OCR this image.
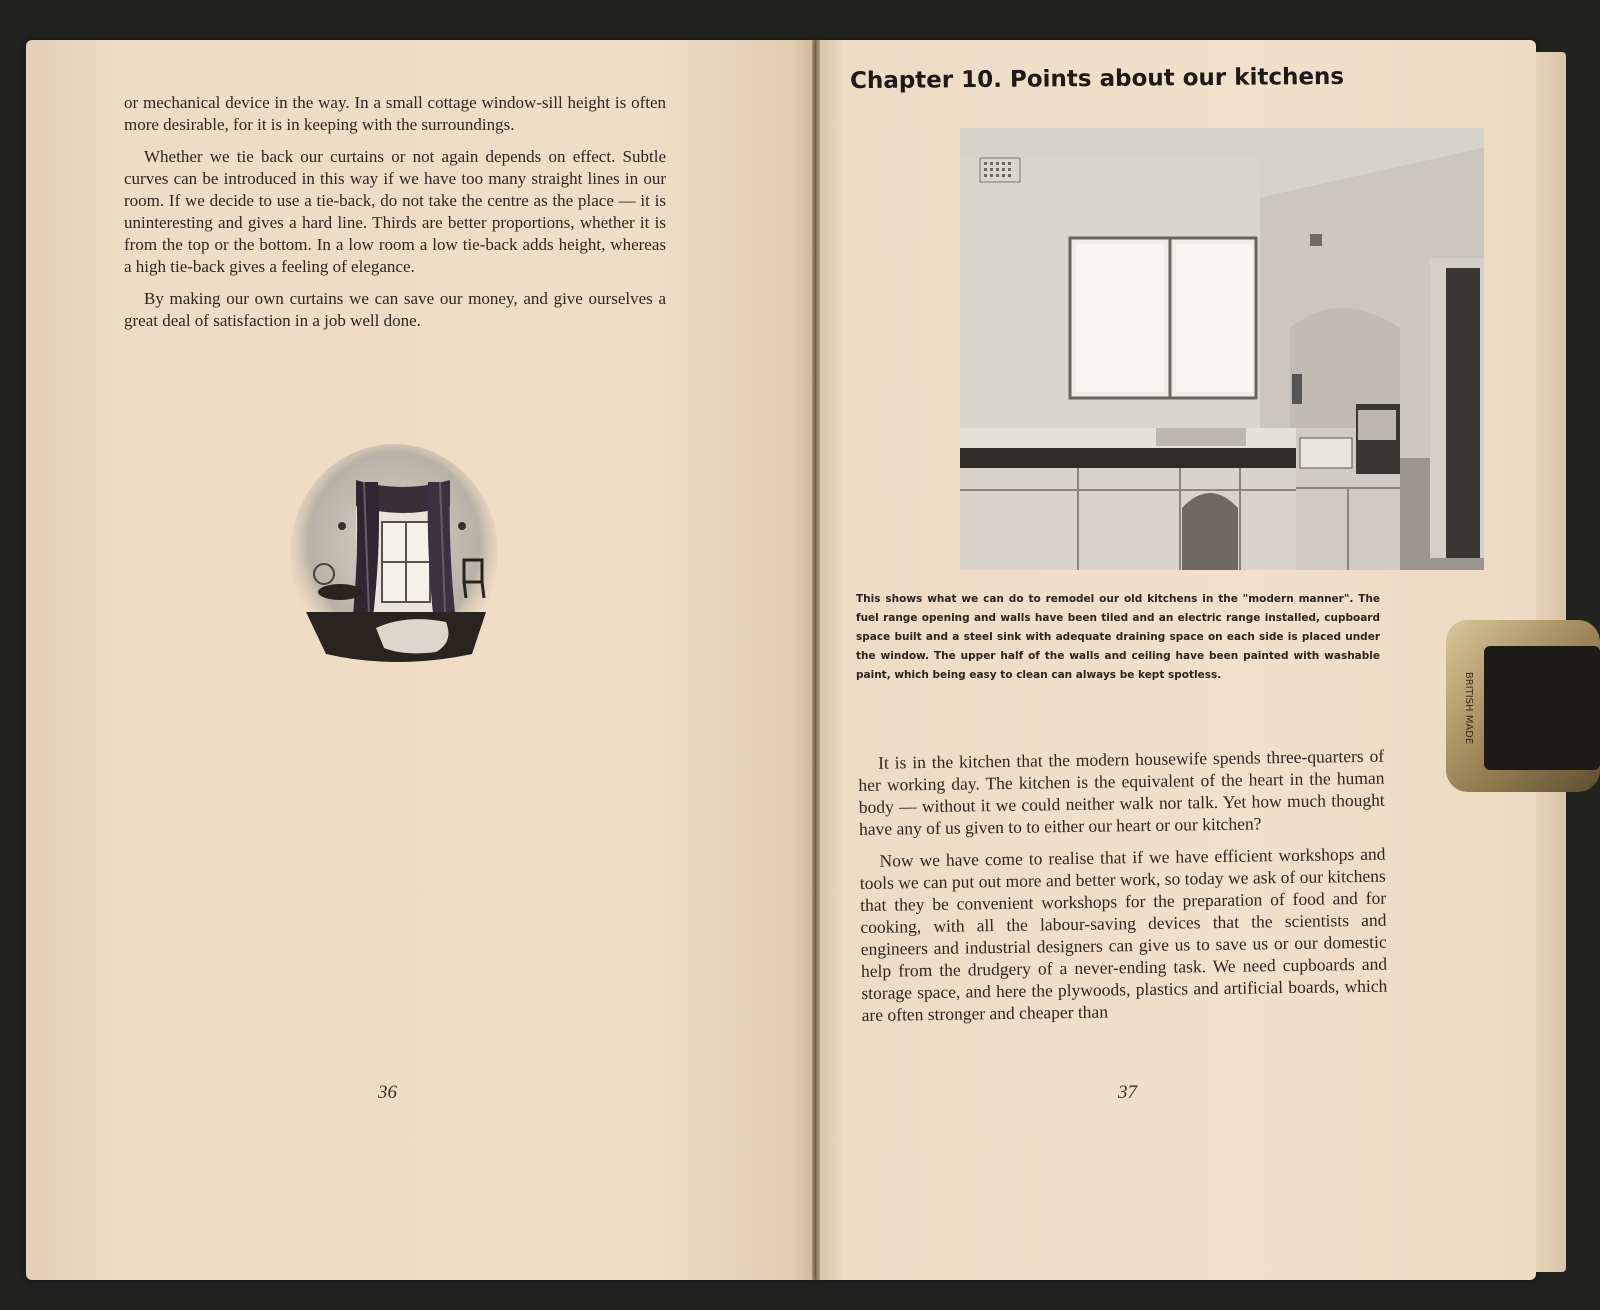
or mechanical device in the way. In a small cottage window-sill height is often more desirable, for it is in keeping with the surroundings.

Whether we tie back our curtains or not again depends on effect. Subtle curves can be introduced in this way if we have too many straight lines in our room. If we decide to use a tie-back, do not take the centre as the place — it is uninteresting and gives a hard line. Thirds are better proportions, whether it is from the top or the bottom. In a low room a low tie-back adds height, whereas a high tie-back gives a feeling of elegance.

By making our own curtains we can save our money, and give ourselves a great deal of satisfaction in a job well done.

36
Chapter 10. Points about our kitchens

This shows what we can do to remodel our old kitchens in the "modern manner". The fuel range opening and walls have been tiled and an electric range installed, cupboard space built and a steel sink with adequate draining space on each side is placed under the window. The upper half of the walls and ceiling have been painted with washable paint, which being easy to clean can always be kept spotless.

It is in the kitchen that the modern housewife spends three-quarters of her working day. The kitchen is the equivalent of the heart in the human body — without it we could neither walk nor talk. Yet how much thought have any of us given to to either our heart or our kitchen?

Now we have come to realise that if we have efficient workshops and tools we can put out more and better work, so today we ask of our kitchens that they be convenient workshops for the preparation of food and for cooking, with all the labour-saving devices that the scientists and engineers and industrial designers can give us to save us or our domestic help from the drudgery of a never-ending task. We need cupboards and storage space, and here the plywoods, plastics and artificial boards, which are often stronger and cheaper than

37
BRITISH MADE
